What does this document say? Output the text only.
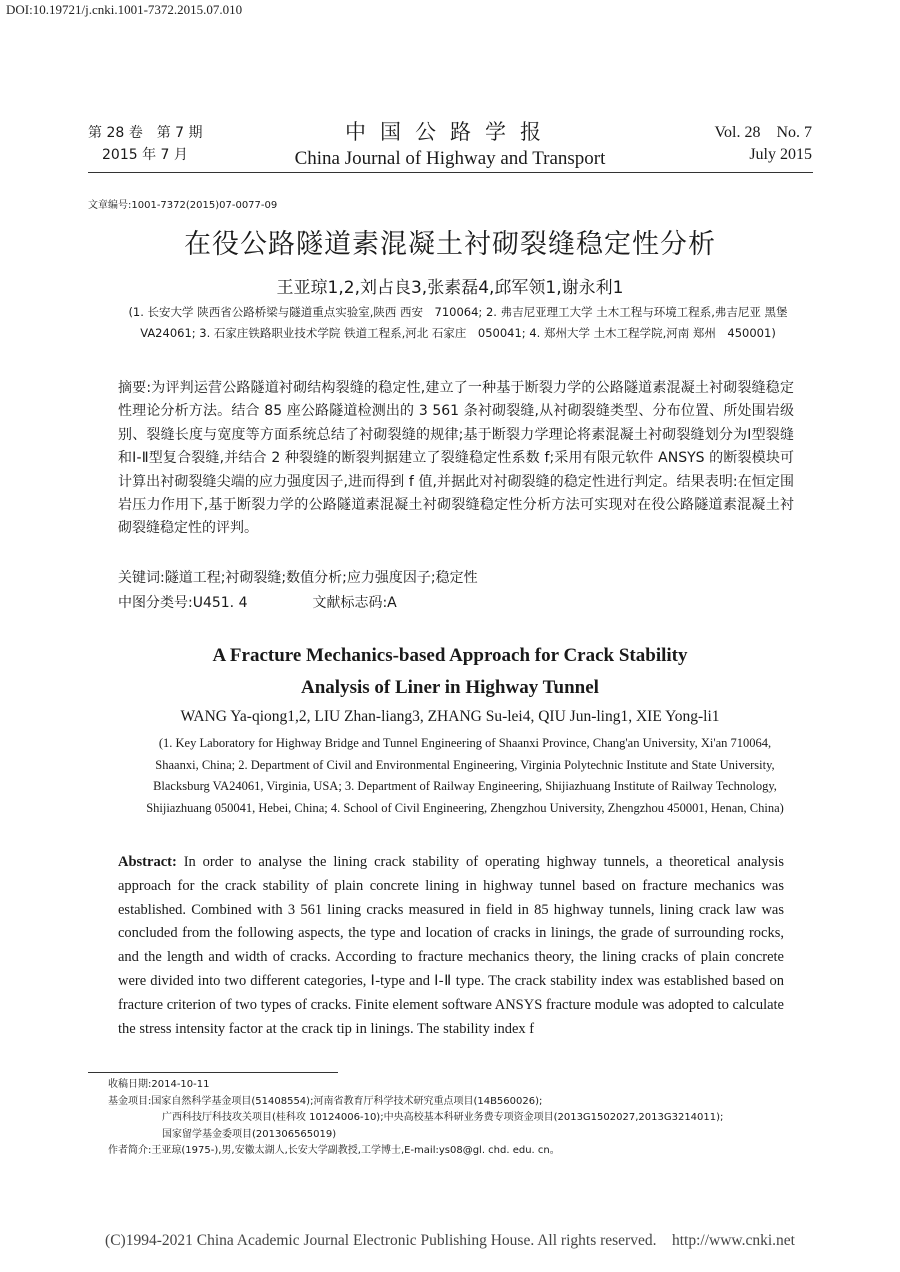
DOI:10.19721/j.cnki.1001-7372.2015.07.010
第 28 卷　第 7 期
2015 年 7 月
中国公路学报
China Journal of Highway and Transport
Vol. 28　No. 7
July 2015
文章编号:1001-7372(2015)07-0077-09
在役公路隧道素混凝土衬砌裂缝稳定性分析
王亚琼1,2,刘占良3,张素磊4,邱军领1,谢永利1
(1. 长安大学 陕西省公路桥梁与隧道重点实验室,陕西 西安　710064; 2. 弗吉尼亚理工大学 土木工程与环境工程系,弗吉尼亚 黑堡　VA24061; 3. 石家庄铁路职业技术学院 铁道工程系,河北 石家庄　050041; 4. 郑州大学 土木工程学院,河南 郑州　450001)
摘要:为评判运营公路隧道衬砌结构裂缝的稳定性,建立了一种基于断裂力学的公路隧道素混凝土衬砌裂缝稳定性理论分析方法。结合 85 座公路隧道检测出的 3 561 条衬砌裂缝,从衬砌裂缝类型、分布位置、所处围岩级别、裂缝长度与宽度等方面系统总结了衬砌裂缝的规律;基于断裂力学理论将素混凝土衬砌裂缝划分为Ⅰ型裂缝和Ⅰ-Ⅱ型复合裂缝,并结合 2 种裂缝的断裂判据建立了裂缝稳定性系数 f;采用有限元软件 ANSYS 的断裂模块可计算出衬砌裂缝尖端的应力强度因子,进而得到 f 值,并据此对衬砌裂缝的稳定性进行判定。结果表明:在恒定围岩压力作用下,基于断裂力学的公路隧道素混凝土衬砌裂缝稳定性分析方法可实现对在役公路隧道素混凝土衬砌裂缝稳定性的评判。
关键词:隧道工程;衬砌裂缝;数值分析;应力强度因子;稳定性
中图分类号:U451. 4	文献标志码:A
A Fracture Mechanics-based Approach for Crack Stability
Analysis of Liner in Highway Tunnel
WANG Ya-qiong1,2, LIU Zhan-liang3, ZHANG Su-lei4, QIU Jun-ling1, XIE Yong-li1
(1. Key Laboratory for Highway Bridge and Tunnel Engineering of Shaanxi Province, Chang'an University, Xi'an 710064, Shaanxi, China; 2. Department of Civil and Environmental Engineering, Virginia Polytechnic Institute and State University, Blacksburg VA24061, Virginia, USA; 3. Department of Railway Engineering, Shijiazhuang Institute of Railway Technology, Shijiazhuang 050041, Hebei, China; 4. School of Civil Engineering, Zhengzhou University, Zhengzhou 450001, Henan, China)
Abstract: In order to analyse the lining crack stability of operating highway tunnels, a theoretical analysis approach for the crack stability of plain concrete lining in highway tunnel based on fracture mechanics was established. Combined with 3 561 lining cracks measured in field in 85 highway tunnels, lining crack law was concluded from the following aspects, the type and location of cracks in linings, the grade of surrounding rocks, and the length and width of cracks. According to fracture mechanics theory, the lining cracks of plain concrete were divided into two different categories, Ⅰ-type and Ⅰ-Ⅱ type. The crack stability index was established based on fracture criterion of two types of cracks. Finite element software ANSYS fracture module was adopted to calculate the stress intensity factor at the crack tip in linings. The stability index f
收稿日期:2014-10-11
基金项目:国家自然科学基金项目(51408554);河南省教育厅科学技术研究重点项目(14B560026);
广西科技厅科技攻关项目(桂科攻 10124006-10);中央高校基本科研业务费专项资金项目(2013G1502027,2013G3214011);
国家留学基金委项目(201306565019)
作者简介:王亚琼(1975-),男,安徽太湖人,长安大学副教授,工学博士,E-mail:ys08@gl. chd. edu. cn。
(C)1994-2021 China Academic Journal Electronic Publishing House. All rights reserved.　http://www.cnki.net
